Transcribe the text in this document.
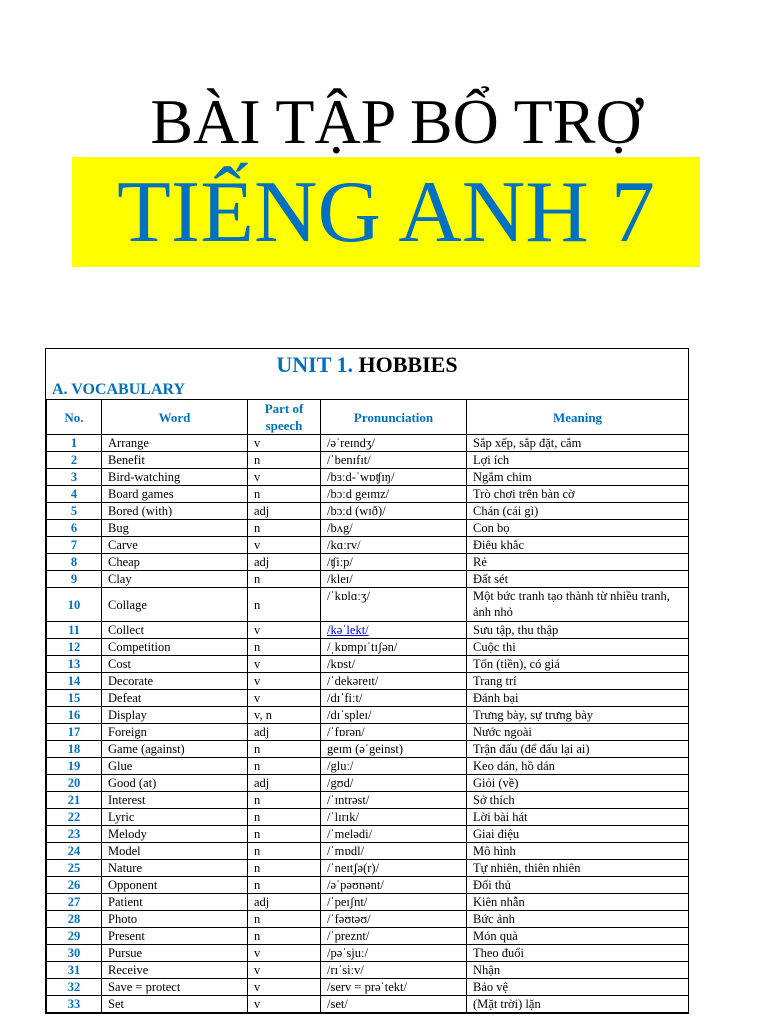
BÀI TẬP BỔ TRỢ
TIẾNG ANH 7
UNIT 1. HOBBIES
A. VOCABULARY
No.	Word	Part of speech	Pronunciation	Meaning
1	Arrange	v	/əˈreɪndʒ/	Sắp xếp, sắp đặt, cắm
2	Benefit	n	/ˈbenɪfɪt/	Lợi ích
3	Bird-watching	v	/bɜːd-ˈwɒʧɪŋ/	Ngắm chim
4	Board games	n	/bɔːd geɪmz/	Trò chơi trên bàn cờ
5	Bored (with)	adj	/bɔːd (wɪð)/	Chán (cái gì)
6	Bug	n	/bʌg/	Con bọ
7	Carve	v	/kɑːrv/	Điêu khắc
8	Cheap	adj	/ʧiːp/	Rẻ
9	Clay	n	/kleɪ/	Đất sét
10	Collage	n	/ˈkɒlɑːʒ/	Một bức tranh tạo thành từ nhiều tranh, ảnh nhỏ
11	Collect	v	/kəˈlekt/	Sưu tập, thu thập
12	Competition	n	/ˌkɒmpɪˈtɪʃən/	Cuộc thi
13	Cost	v	/kɒst/	Tốn (tiền), có giá
14	Decorate	v	/ˈdekəreɪt/	Trang trí
15	Defeat	v	/dɪˈfiːt/	Đánh bại
16	Display	v, n	/dɪˈspleɪ/	Trưng bày, sự trưng bày
17	Foreign	adj	/ˈfɒrən/	Nước ngoài
18	Game (against)	n	geɪm (əˈgeinst)	Trận đấu (để đấu lại ai)
19	Glue	n	/gluː/	Keo dán, hồ dán
20	Good (at)	adj	/gʊd/	Giỏi (về)
21	Interest	n	/ˈɪntrəst/	Sở thích
22	Lyric	n	/ˈlɪrɪk/	Lời bài hát
23	Melody	n	/ˈmelədi/	Giai điệu
24	Model	n	/ˈmɒdl/	Mô hình
25	Nature	n	/ˈneɪtʃə(r)/	Tự nhiên, thiên nhiên
26	Opponent	n	/əˈpəʊnənt/	Đối thủ
27	Patient	adj	/ˈpeɪʃnt/	Kiên nhẫn
28	Photo	n	/ˈfəʊtəʊ/	Bức ảnh
29	Present	n	/ˈpreznt/	Món quà
30	Pursue	v	/pəˈsjuː/	Theo đuổi
31	Receive	v	/rɪˈsiːv/	Nhận
32	Save = protect	v	/serv = prəˈtekt/	Bảo vệ
33	Set	v	/set/	(Mặt trời) lặn
